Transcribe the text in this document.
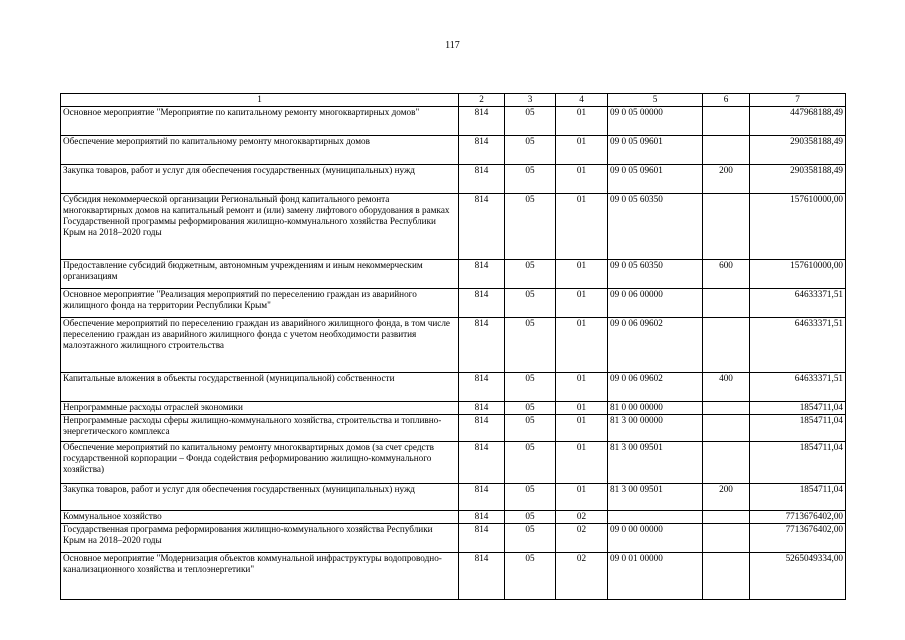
117
1	2	3	4	5	6	7
Основное мероприятие "Мероприятие по капитальному ремонту многоквартирных домов"	814	05	01	09 0 05 00000		447968188,49
Обеспечение мероприятий по капитальному ремонту многоквартирных домов	814	05	01	09 0 05 09601		290358188,49
Закупка товаров, работ и услуг для обеспечения государственных (муниципальных) нужд	814	05	01	09 0 05 09601	200	290358188,49
Субсидия некоммерческой организации Региональный фонд капитального ремонта многоквартирных домов на капитальный ремонт и (или) замену лифтового оборудования в рамках Государственной программы реформирования жилищно-коммунального хозяйства Республики Крым на 2018–2020 годы	814	05	01	09 0 05 60350		157610000,00
Предоставление субсидий бюджетным, автономным учреждениям и иным некоммерческим организациям	814	05	01	09 0 05 60350	600	157610000,00
Основное мероприятие "Реализация мероприятий по переселению граждан из аварийного жилищного фонда на территории Республики Крым"	814	05	01	09 0 06 00000		64633371,51
Обеспечение мероприятий по переселению граждан из аварийного жилищного фонда, в том числе переселению граждан из аварийного жилищного фонда с учетом необходимости развития малоэтажного жилищного строительства	814	05	01	09 0 06 09602		64633371,51
Капитальные вложения в объекты государственной (муниципальной) собственности	814	05	01	09 0 06 09602	400	64633371,51
Непрограммные расходы отраслей экономики	814	05	01	81 0 00 00000		1854711,04
Непрограммные расходы сферы жилищно-коммунального хозяйства, строительства и топливно-энергетического комплекса	814	05	01	81 3 00 00000		1854711,04
Обеспечение мероприятий по капитальному ремонту многоквартирных домов (за счет средств государственной корпорации – Фонда содействия реформированию жилищно-коммунального хозяйства)	814	05	01	81 3 00 09501		1854711,04
Закупка товаров, работ и услуг для обеспечения государственных (муниципальных) нужд	814	05	01	81 3 00 09501	200	1854711,04
Коммунальное хозяйство	814	05	02			7713676402,00
Государственная программа реформирования жилищно-коммунального хозяйства Республики Крым на 2018–2020 годы	814	05	02	09 0 00 00000		7713676402,00
Основное мероприятие "Модернизация объектов коммунальной инфраструктуры водопроводно-канализационного хозяйства и теплоэнергетики"	814	05	02	09 0 01 00000		5265049334,00
